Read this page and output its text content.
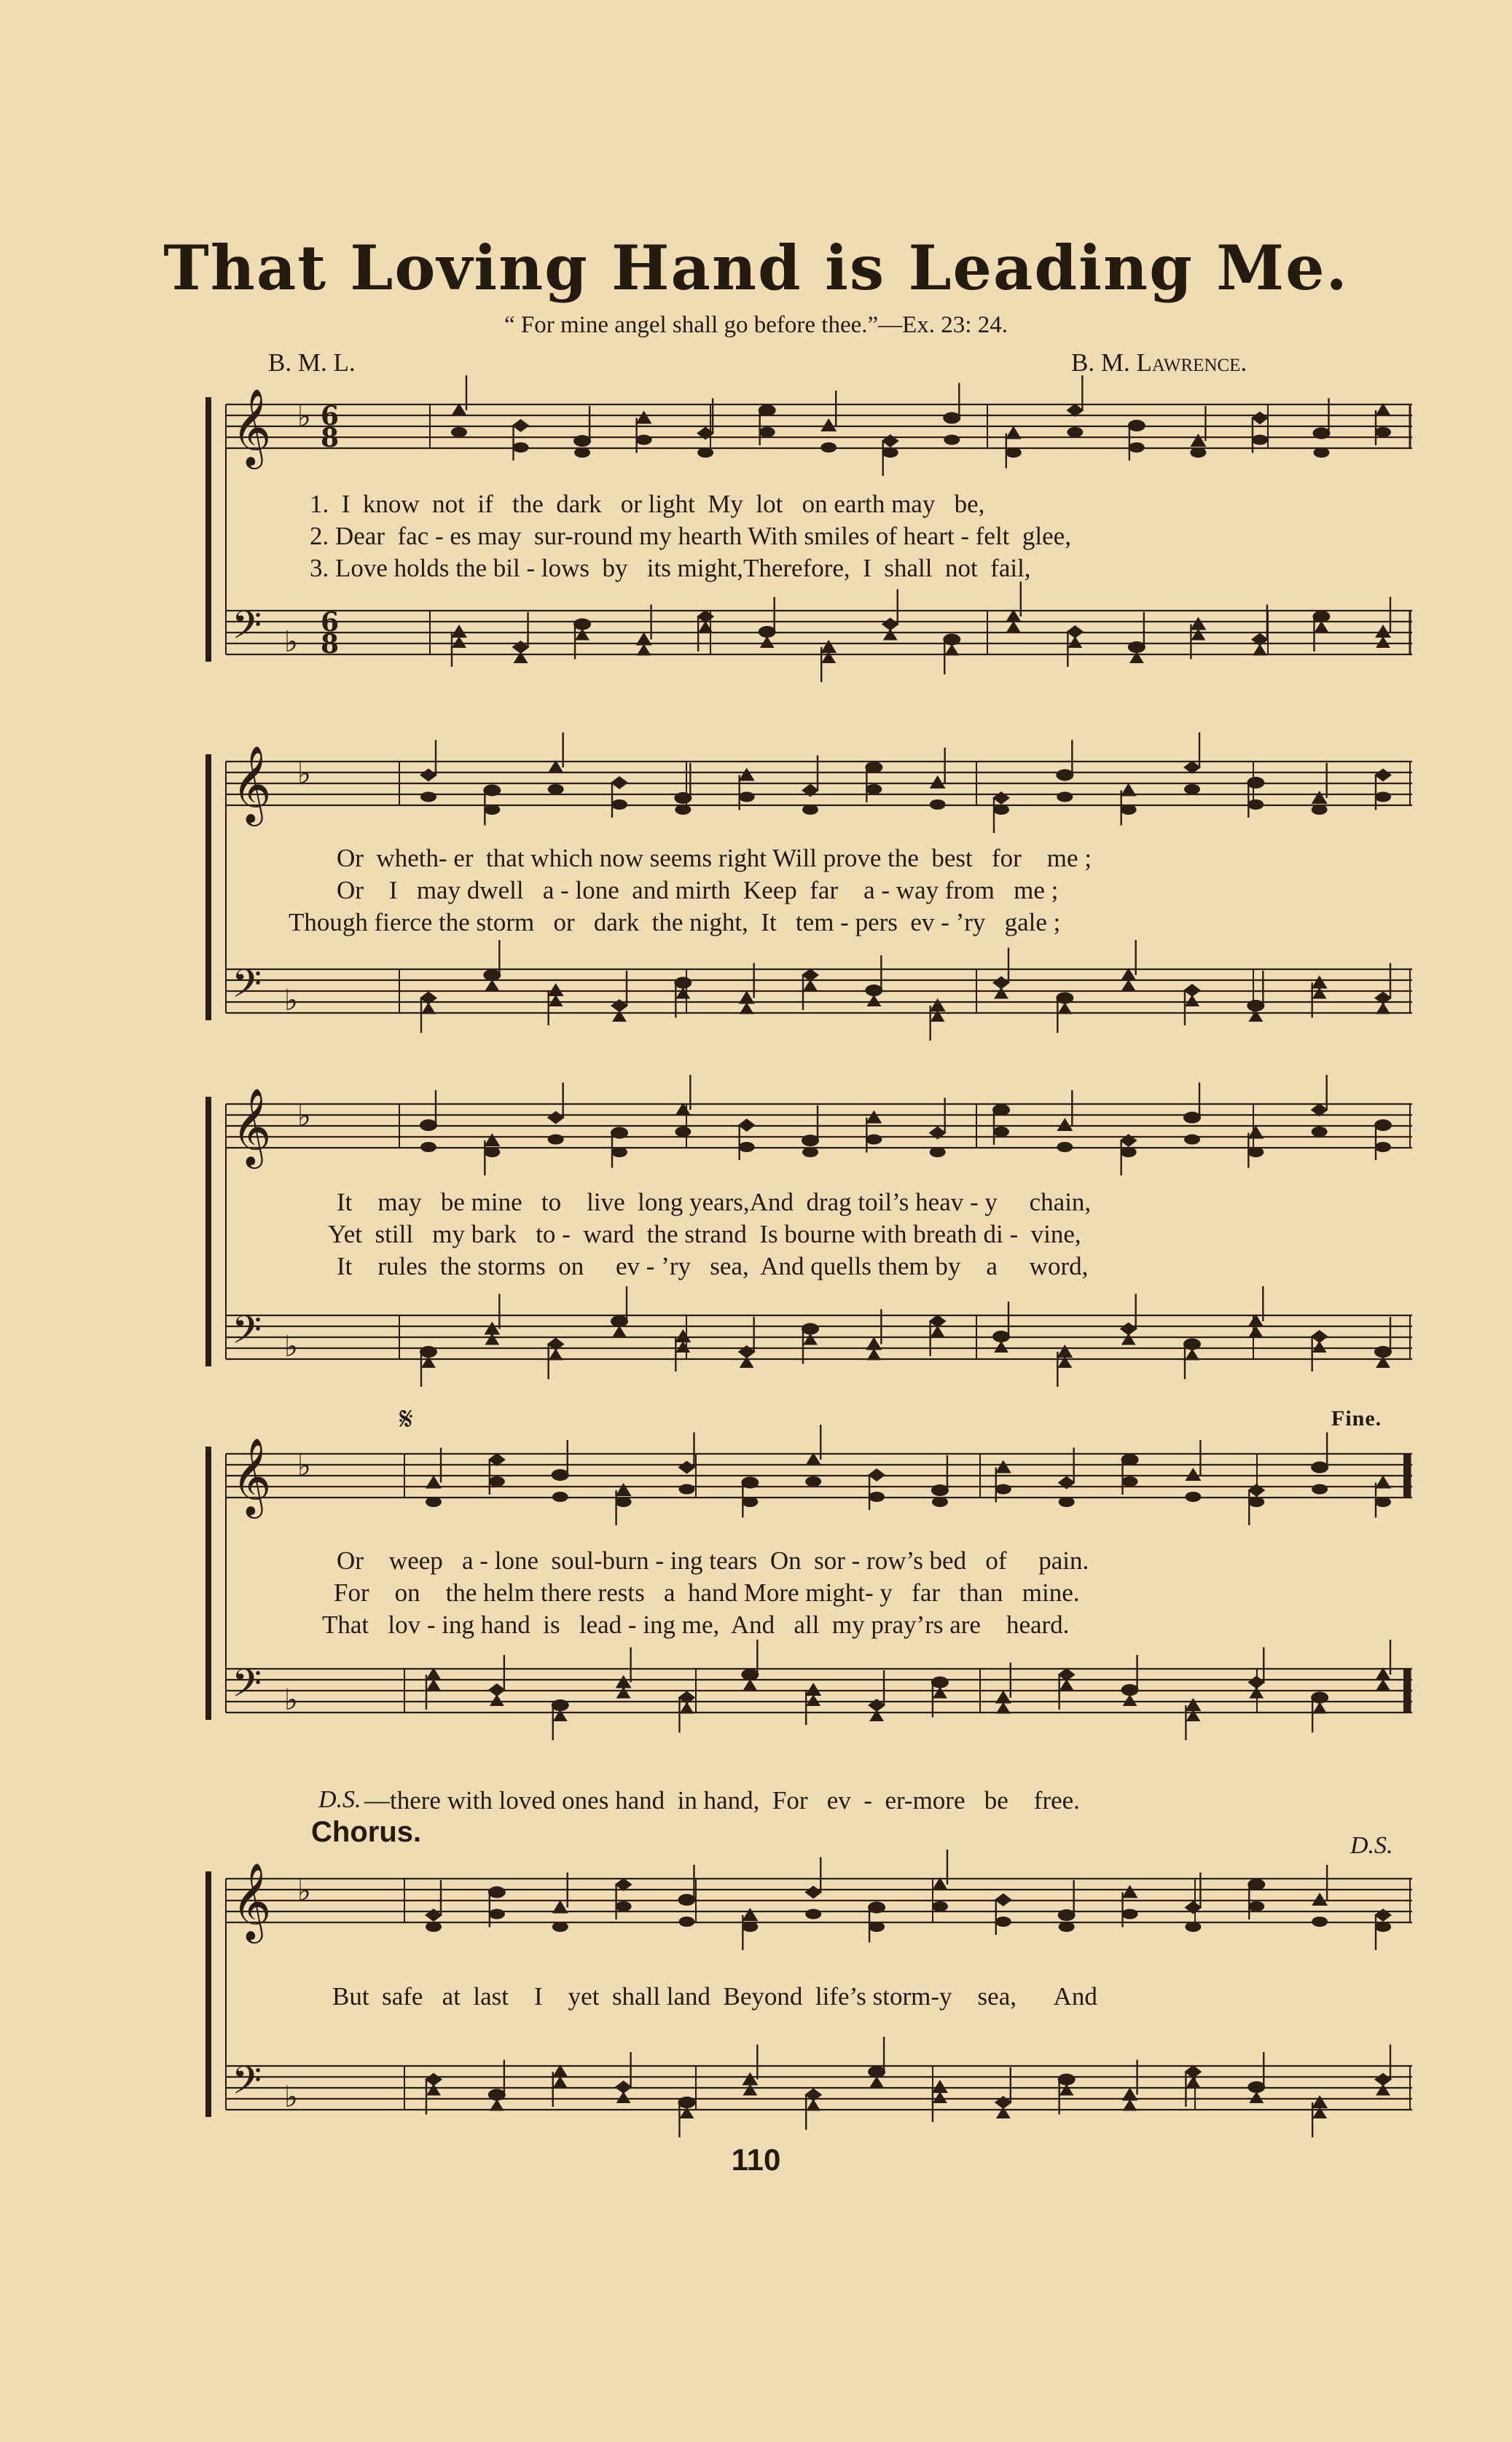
That Loving Hand is Leading Me.
“ For mine angel shall go before thee.”—Ex. 23: 24.
B. M. L.	B. M. Lawrence.
𝄞
𝄢
♭
♭
6
8
6
8
𝄞
𝄢
♭
♭
𝄞
𝄢
♭
♭
𝄞
𝄢
♭
♭
𝄞
𝄢
♭
♭
1.  I  know  not  if   the  dark   or light  My  lot   on earth may   be,
2. Dear  fac - es may  sur-round my hearth With smiles of heart - felt  glee,
3. Love holds the bil - lows  by   its might,Therefore,  I  shall  not  fail,
Or  wheth- er  that which now seems right Will prove the  best   for    me ;
Or    I   may dwell   a - lone  and mirth  Keep  far    a - way from   me ;
Though fierce the storm   or   dark  the night,  It   tem - pers  ev - ’ry   gale ;
It    may   be mine   to    live  long years,And  drag toil’s heav - y     chain,
Yet  still   my bark   to -  ward  the strand  Is bourne with breath di -  vine,
It    rules  the storms  on     ev - ’ry   sea,  And quells them by    a     word,
𝄋	Fine.
Or    weep   a - lone  soul-burn - ing tears  On  sor - row’s bed   of     pain.
For    on    the helm there rests   a  hand More might- y   far   than   mine.
That   lov - ing hand  is   lead - ing me,  And   all  my pray’rs are    heard.
D.S. —there with loved ones hand  in hand,  For   ev  -  er-more   be    free.
Chorus.	D.S.
But  safe   at  last    I    yet  shall land  Beyond  life’s storm-y    sea,      And
110
